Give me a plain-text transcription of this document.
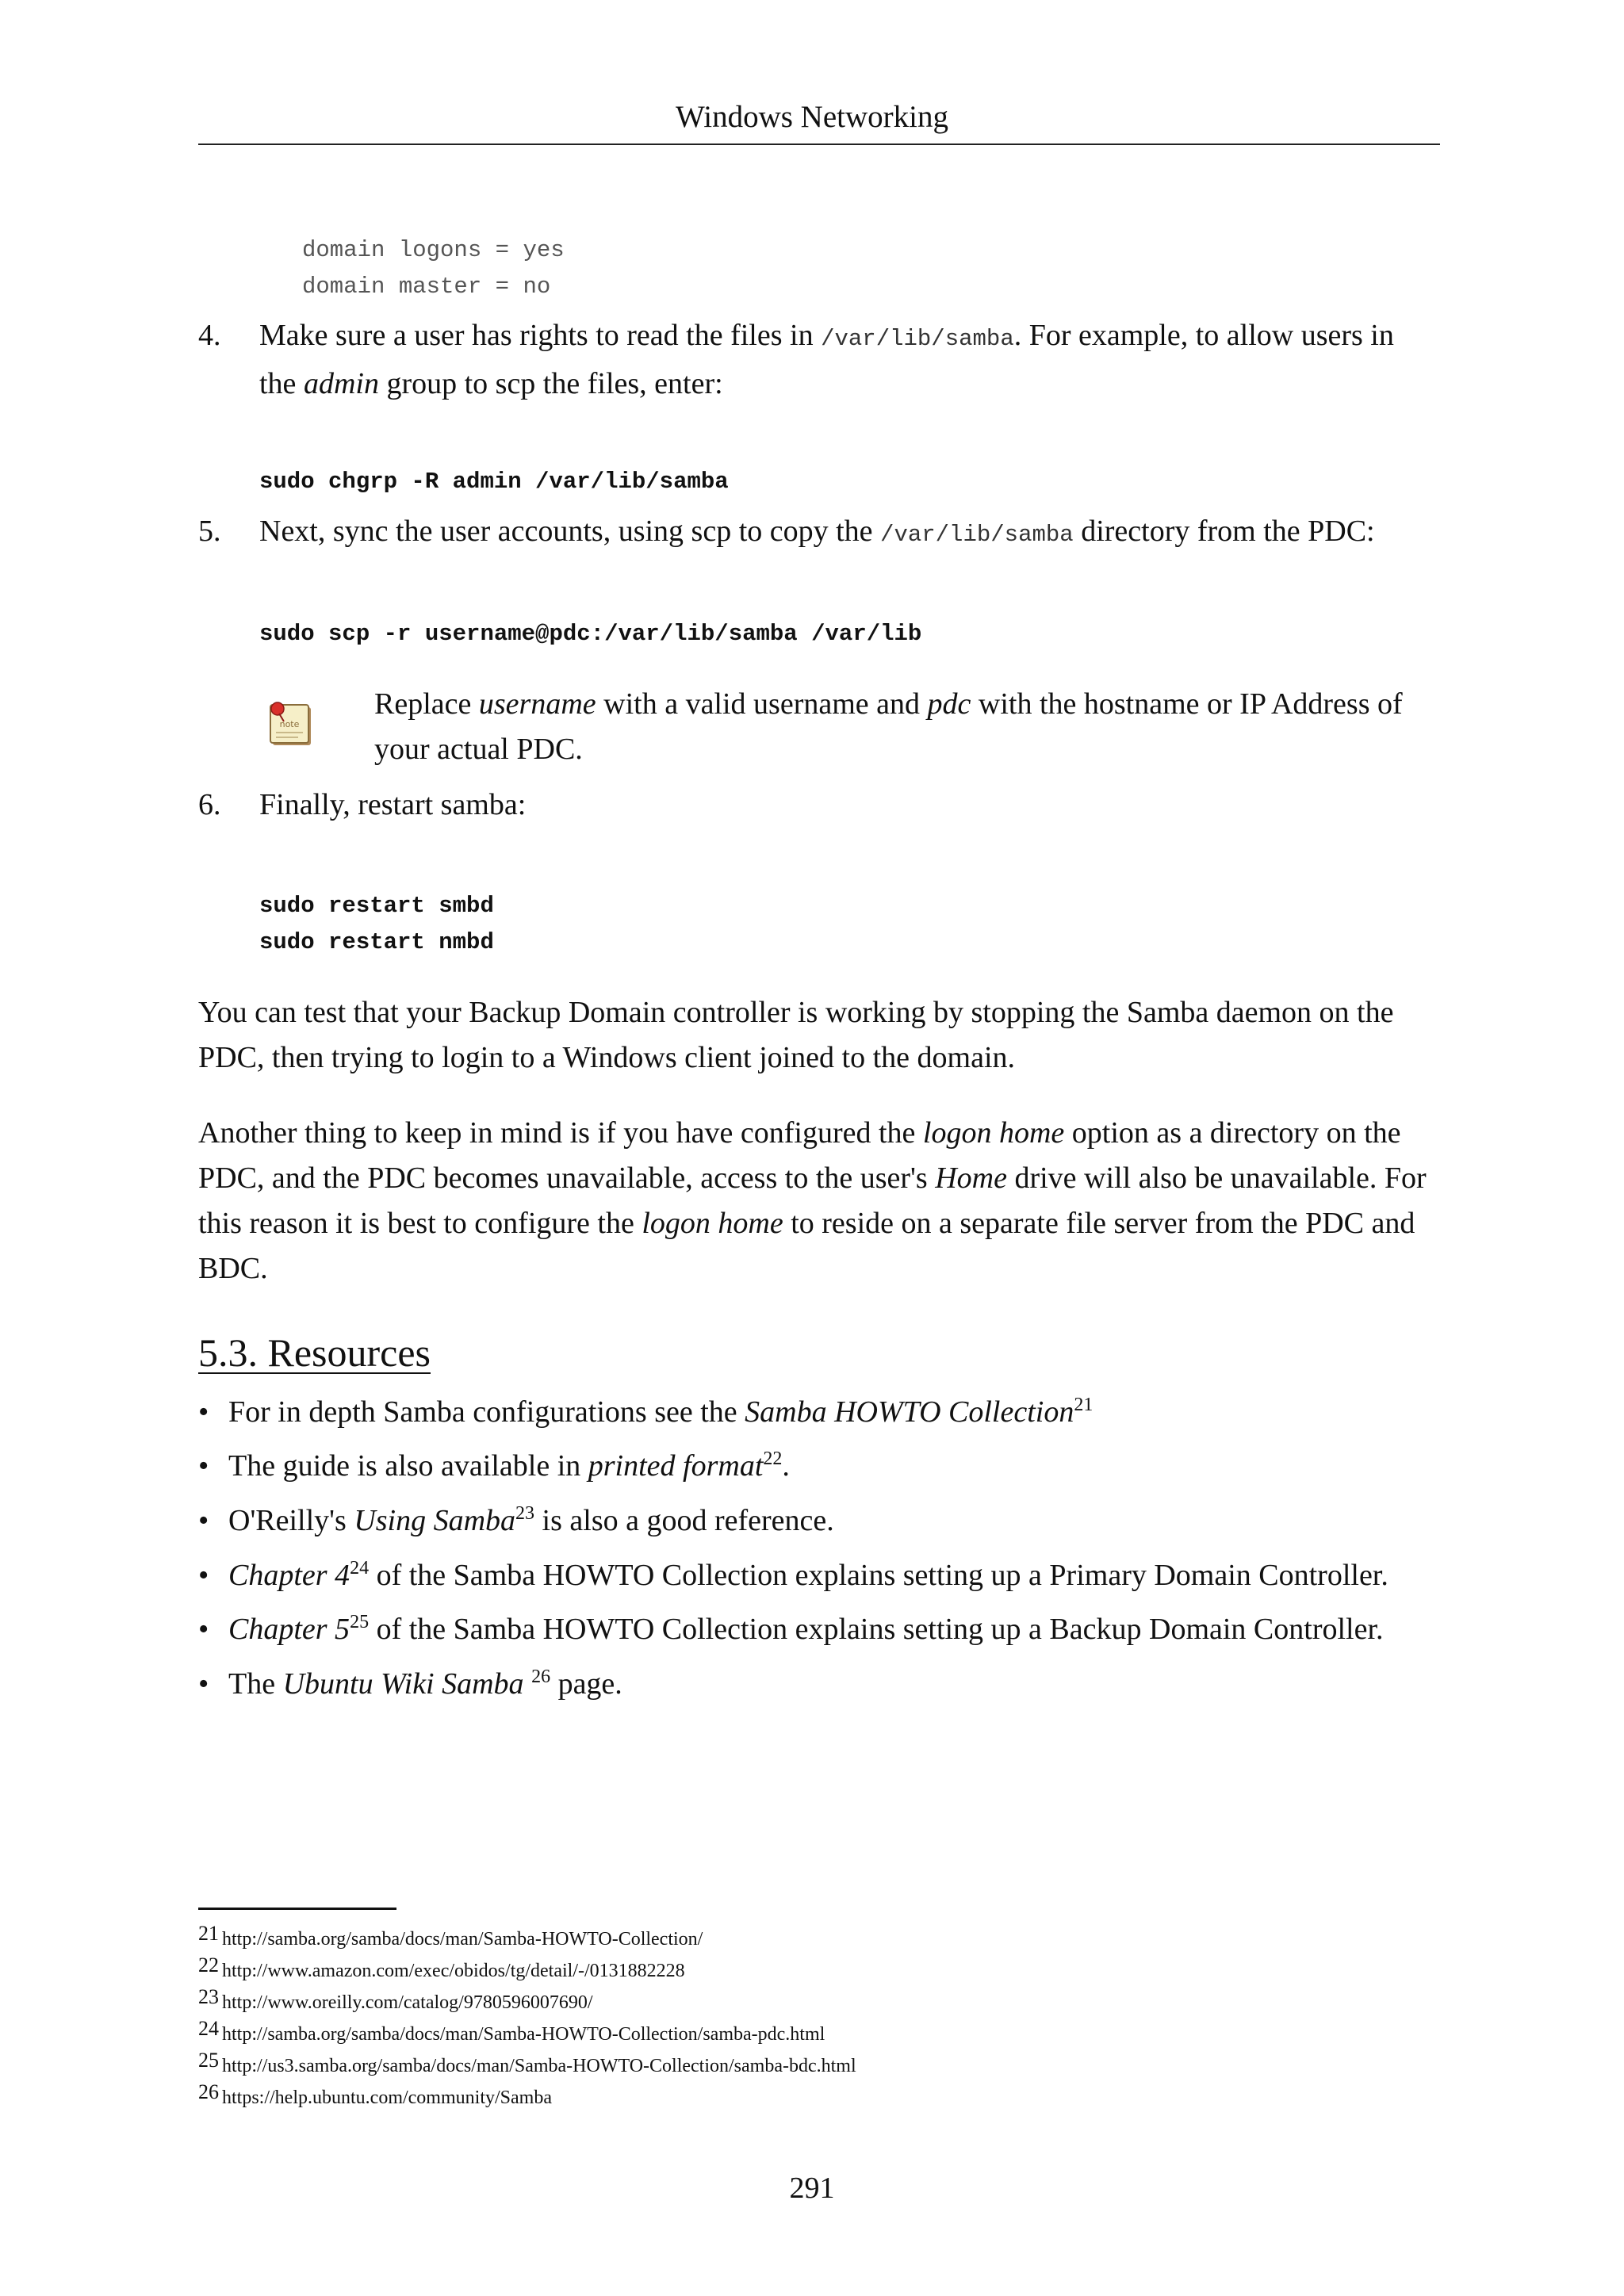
Windows Networking
domain logons = yes
domain master = no
4. Make sure a user has rights to read the files in /var/lib/samba. For example, to allow users in
the admin group to scp the files, enter:
sudo chgrp -R admin /var/lib/samba
5. Next, sync the user accounts, using scp to copy the /var/lib/samba directory from the PDC:
sudo scp -r username@pdc:/var/lib/samba /var/lib
note
Replace username with a valid username and pdc with the hostname or IP Address of
your actual PDC.
6. Finally, restart samba:
sudo restart smbd
sudo restart nmbd
You can test that your Backup Domain controller is working by stopping the Samba daemon on the
PDC, then trying to login to a Windows client joined to the domain.
Another thing to keep in mind is if you have configured the logon home option as a directory on the
PDC, and the PDC becomes unavailable, access to the user's Home drive will also be unavailable. For
this reason it is best to configure the logon home to reside on a separate file server from the PDC and
BDC.
5.3. Resources
• For in depth Samba configurations see the Samba HOWTO Collection$^{21}$
• The guide is also available in printed format$^{22}$.
• O'Reilly's Using Samba$^{23}$ is also a good reference.
• Chapter $4^{24}$ of the Samba HOWTO Collection explains setting up a Primary Domain Controller.
• Chapter $5^{25}$ of the Samba HOWTO Collection explains setting up a Backup Domain Controller.
• The Ubuntu Wiki Samba $^{26}$ page.
21 http://samba.org/samba/docs/man/Samba-HOWTO-Collection/
22 http://www.amazon.com/exec/obidos/tg/detail/-/0131882228
23 http://www.oreilly.com/catalog/9780596007690/
24 http://samba.org/samba/docs/man/Samba-HOWTO-Collection/samba-pdc.html
25 http://us3.samba.org/samba/docs/man/Samba-HOWTO-Collection/samba-bdc.html
26 https://help.ubuntu.com/community/Samba
291
